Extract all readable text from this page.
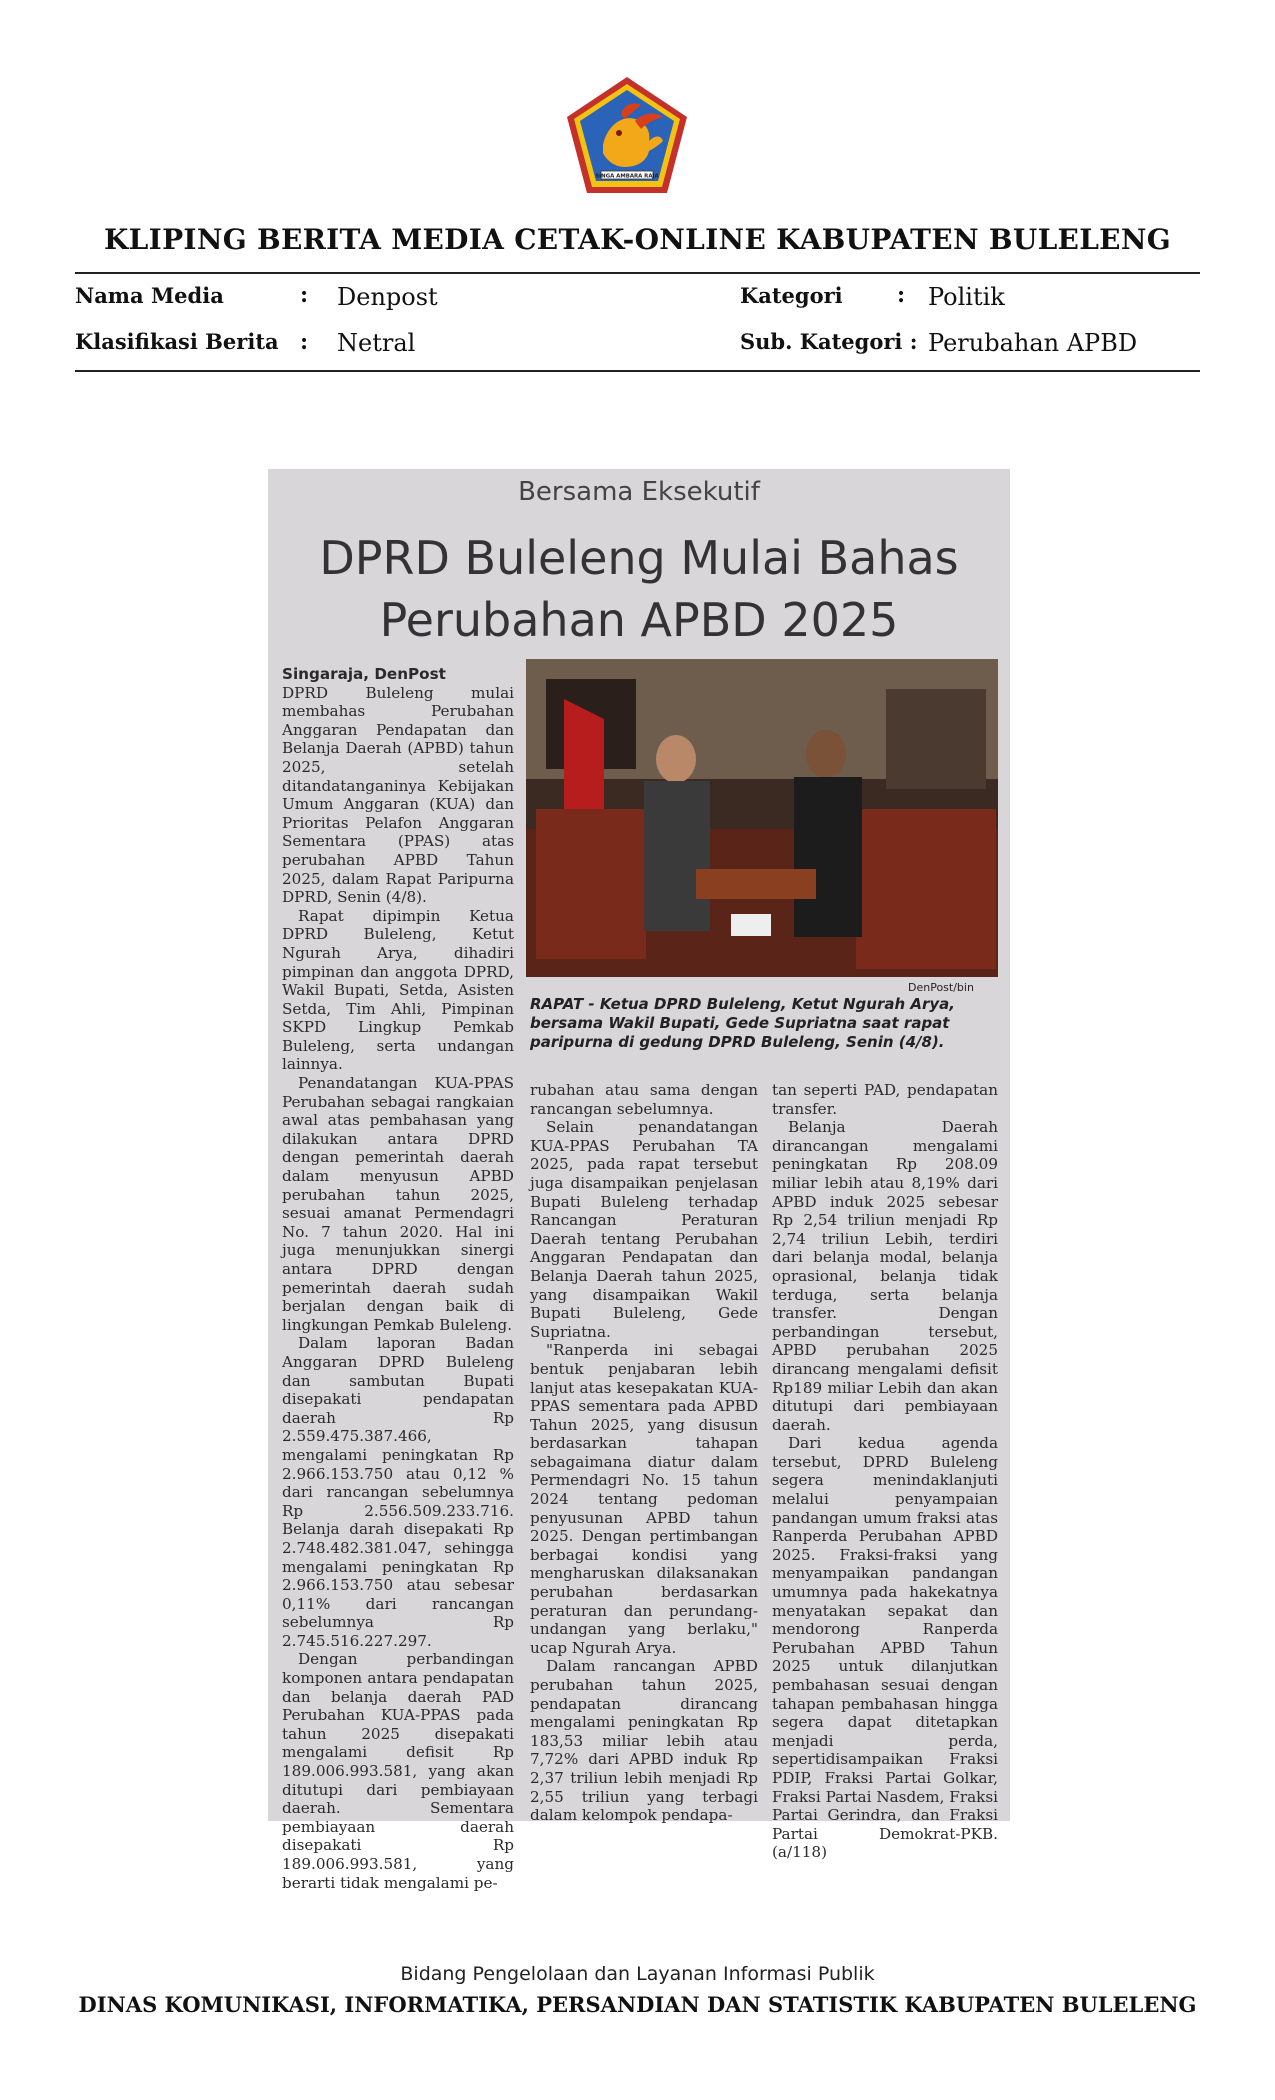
SINGA AMBARA RAJA
KLIPING BERITA MEDIA CETAK-ONLINE KABUPATEN BULELENG
Nama Media	: Denpost	Kategori : Politik
Klasifikasi Berita : Netral	Sub. Kategori : Perubahan APBD
Bersama Eksekutif
DPRD Buleleng Mulai Bahas
Perubahan APBD 2025
DenPost/bin
RAPAT - Ketua DPRD Buleleng, Ketut Ngurah Arya, bersama Wakil Bupati, Gede Supriatna saat rapat paripurna di gedung DPRD Buleleng, Senin (4/8).

Singaraja, DenPost

DPRD Buleleng mulai membahas Perubahan Anggaran Pendapatan dan Belanja Daerah (APBD) tahun 2025, setelah ditandatanganinya Kebijakan Umum Anggaran (KUA) dan Prioritas Pelafon Anggaran Sementara (PPAS) atas perubahan APBD Tahun 2025, dalam Rapat Paripurna DPRD, Senin (4/8).

Rapat dipimpin Ketua DPRD Buleleng, Ketut Ngurah Arya, dihadiri pimpinan dan anggota DPRD, Wakil Bupati, Setda, Asisten Setda, Tim Ahli, Pimpinan SKPD Lingkup Pemkab Buleleng, serta undangan lainnya.

Penandatangan KUA-PPAS Perubahan sebagai rangkaian awal atas pembahasan yang dilakukan antara DPRD dengan pemerintah daerah dalam menyusun APBD perubahan tahun 2025, sesuai amanat Permendagri No. 7 tahun 2020. Hal ini juga menunjukkan sinergi antara DPRD dengan pemerintah daerah sudah berjalan dengan baik di lingkungan Pemkab Buleleng.

Dalam laporan Badan Anggaran DPRD Buleleng dan sambutan Bupati disepakati pendapatan daerah Rp 2.559.475.387.466, mengalami peningkatan Rp 2.966.153.750 atau 0,12 % dari rancangan sebelumnya Rp 2.556.509.233.716. Belanja darah disepakati Rp 2.748.482.381.047, sehingga mengalami peningkatan Rp 2.966.153.750 atau sebesar 0,11% dari rancangan sebelumnya Rp 2.745.516.227.297.

Dengan perbandingan komponen antara pendapatan dan belanja daerah PAD Perubahan KUA-PPAS pada tahun 2025 disepakati mengalami defisit Rp 189.006.993.581, yang akan ditutupi dari pembiayaan daerah. Sementara pembiayaan daerah disepakati Rp 189.006.993.581, yang berarti tidak mengalami pe-

rubahan atau sama dengan rancangan sebelumnya.

Selain penandatangan KUA-PPAS Perubahan TA 2025, pada rapat tersebut juga disampaikan penjelasan Bupati Buleleng terhadap Rancangan Peraturan Daerah tentang Perubahan Anggaran Pendapatan dan Belanja Daerah tahun 2025, yang disampaikan Wakil Bupati Buleleng, Gede Supriatna.

"Ranperda ini sebagai bentuk penjabaran lebih lanjut atas kesepakatan KUA-PPAS sementara pada APBD Tahun 2025, yang disusun berdasarkan tahapan sebagaimana diatur dalam Permendagri No. 15 tahun 2024 tentang pedoman penyusunan APBD tahun 2025. Dengan pertimbangan berbagai kondisi yang mengharuskan dilaksanakan perubahan berdasarkan peraturan dan perundang-undangan yang berlaku," ucap Ngurah Arya.

Dalam rancangan APBD perubahan tahun 2025, pendapatan dirancang mengalami peningkatan Rp 183,53 miliar lebih atau 7,72% dari APBD induk Rp 2,37 triliun lebih menjadi Rp 2,55 triliun yang terbagi dalam kelompok pendapa-

tan seperti PAD, pendapatan transfer.

Belanja Daerah dirancangan mengalami peningkatan Rp 208.09 miliar lebih atau 8,19% dari APBD induk 2025 sebesar Rp 2,54 triliun menjadi Rp 2,74 triliun Lebih, terdiri dari belanja modal, belanja oprasional, belanja tidak terduga, serta belanja transfer. Dengan perbandingan tersebut, APBD perubahan 2025 dirancang mengalami defisit Rp189 miliar Lebih dan akan ditutupi dari pembiayaan daerah.

Dari kedua agenda tersebut, DPRD Buleleng segera menindaklanjuti melalui penyampaian pandangan umum fraksi atas Ranperda Perubahan APBD 2025. Fraksi-fraksi yang menyampaikan pandangan umumnya pada hakekatnya menyatakan sepakat dan mendorong Ranperda Perubahan APBD Tahun 2025 untuk dilanjutkan pembahasan sesuai dengan tahapan pembahasan hingga segera dapat ditetapkan menjadi perda, sepertidisampaikan Fraksi PDIP, Fraksi Partai Golkar, Fraksi Partai Nasdem, Fraksi Partai Gerindra, dan Fraksi Partai Demokrat-PKB. (a/118)

Bidang Pengelolaan dan Layanan Informasi Publik
DINAS KOMUNIKASI, INFORMATIKA, PERSANDIAN DAN STATISTIK KABUPATEN BULELENG
